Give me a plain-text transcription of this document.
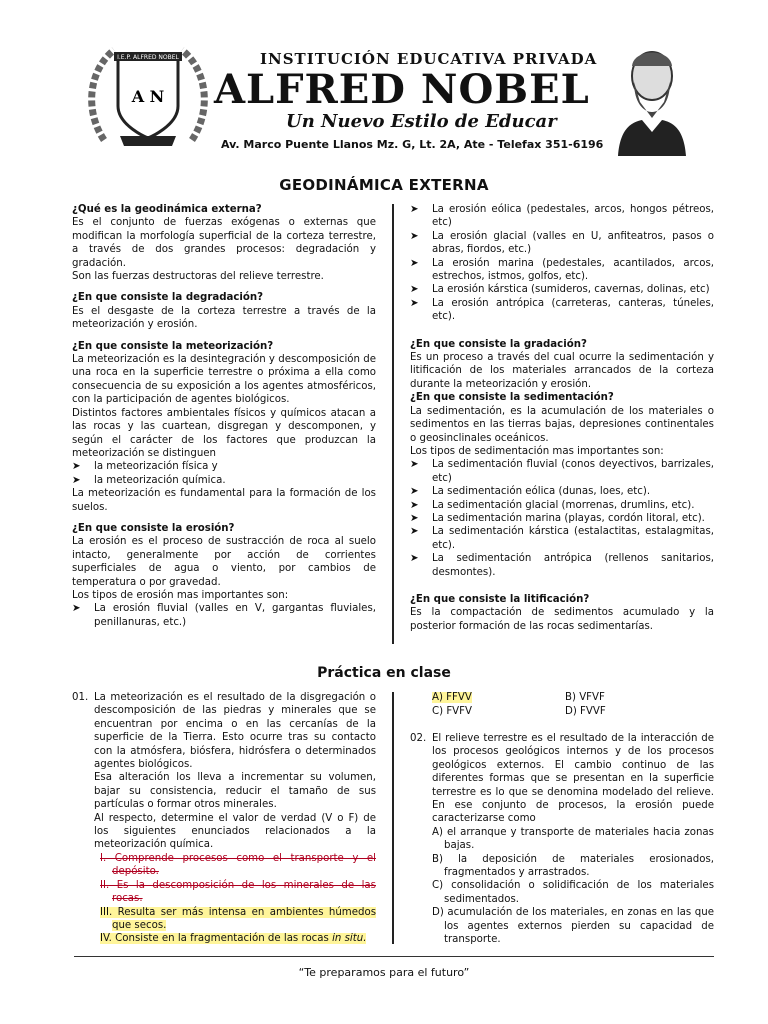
I.E.P. ALFRED NOBEL
A N
INSTITUCIÓN EDUCATIVA PRIVADA
ALFRED NOBEL
Un Nuevo Estilo de Educar
Av. Marco Puente Llanos Mz. G, Lt. 2A, Ate - Telefax 351-6196
GEODINÁMICA EXTERNA

¿Qué es la geodinámica externa?

Es el conjunto de fuerzas exógenas o externas que modifican la morfología superficial de la corteza terrestre, a través de dos grandes procesos: degradación y gradación.

Son las fuerzas destructoras del relieve terrestre.

¿En que consiste la degradación?

Es el desgaste de la corteza terrestre a través de la meteorización y erosión.

¿En que consiste la meteorización?

La meteorización es la desintegración y descomposición de una roca en la superficie terrestre o próxima a ella como consecuencia de su exposición a los agentes atmosféricos, con la participación de agentes biológicos.

Distintos factores ambientales físicos y químicos atacan a las rocas y las cuartean, disgregan y descomponen, y según el carácter de los factores que produzcan la meteorización se distinguen

➤	la meteorización física y
➤	la meteorización química.

La meteorización es fundamental para la formación de los suelos.

¿En que consiste la erosión?

La erosión es el proceso de sustracción de roca al suelo intacto, generalmente por acción de corrientes superficiales de agua o viento, por cambios de temperatura o por gravedad.

Los tipos de erosión mas importantes son:

➤	La erosión fluvial (valles en V, gargantas fluviales, penillanuras, etc.)
➤	La erosión eólica (pedestales, arcos, hongos pétreos, etc)
➤	La erosión glacial (valles en U, anfiteatros, pasos o abras, fiordos, etc.)
➤	La erosión marina (pedestales, acantilados, arcos, estrechos, istmos, golfos, etc).
➤	La erosión kárstica (sumideros, cavernas, dolinas, etc)
➤	La erosión antrópica (carreteras, canteras, túneles, etc).

¿En que consiste la gradación?

Es un proceso a través del cual ocurre la sedimentación y litificación de los materiales arrancados de la corteza durante la meteorización y erosión.

¿En que consiste la sedimentación?

La sedimentación, es la acumulación de los materiales o sedimentos en las tierras bajas, depresiones continentales o geosinclinales oceánicos.

Los tipos de sedimentación mas importantes son:

➤	La sedimentación fluvial (conos deyectivos, barrizales, etc)
➤	La sedimentación eólica (dunas, loes, etc).
➤	La sedimentación glacial (morrenas, drumlins, etc).
➤	La sedimentación marina (playas, cordón litoral, etc).
➤	La sedimentación kárstica (estalactitas, estalagmitas, etc).
➤	La sedimentación antrópica (rellenos sanitarios, desmontes).

¿En que consiste la litificación?

Es la compactación de sedimentos acumulado y la posterior formación de las rocas sedimentarías.

Práctica en clase
01. La meteorización es el resultado de la disgregación o descomposición de las piedras y minerales que se encuentran por encima o en las cercanías de la superficie de la Tierra. Esto ocurre tras su contacto con la atmósfera, biósfera, hidrósfera o determinados agentes biológicos.

Esa alteración los lleva a incrementar su volumen, bajar su consistencia, reducir el tamaño de sus partículas o formar otros minerales.

Al respecto, determine el valor de verdad (V o F) de los siguientes enunciados relacionados a la meteorización química.

I. Comprende procesos como el transporte y el depósito.

II. Es la descomposición de los minerales de las rocas.

III. Resulta ser más intensa en ambientes húmedos que secos.

IV. Consiste en la fragmentación de las rocas in situ.

A) FFVV	B) VFVF
C) FVFV	D) FVVF
02. El relieve terrestre es el resultado de la interacción de los procesos geológicos internos y de los procesos geológicos externos. El cambio continuo de las diferentes formas que se presentan en la superficie terrestre es lo que se denomina modelado del relieve. En ese conjunto de procesos, la erosión puede caracterizarse como

A) el arranque y transporte de materiales hacia zonas bajas.

B) la deposición de materiales erosionados, fragmentados y arrastrados.

C) consolidación o solidificación de los materiales sedimentados.

D) acumulación de los materiales, en zonas en las que los agentes externos pierden su capacidad de transporte.

“Te preparamos para el futuro”
